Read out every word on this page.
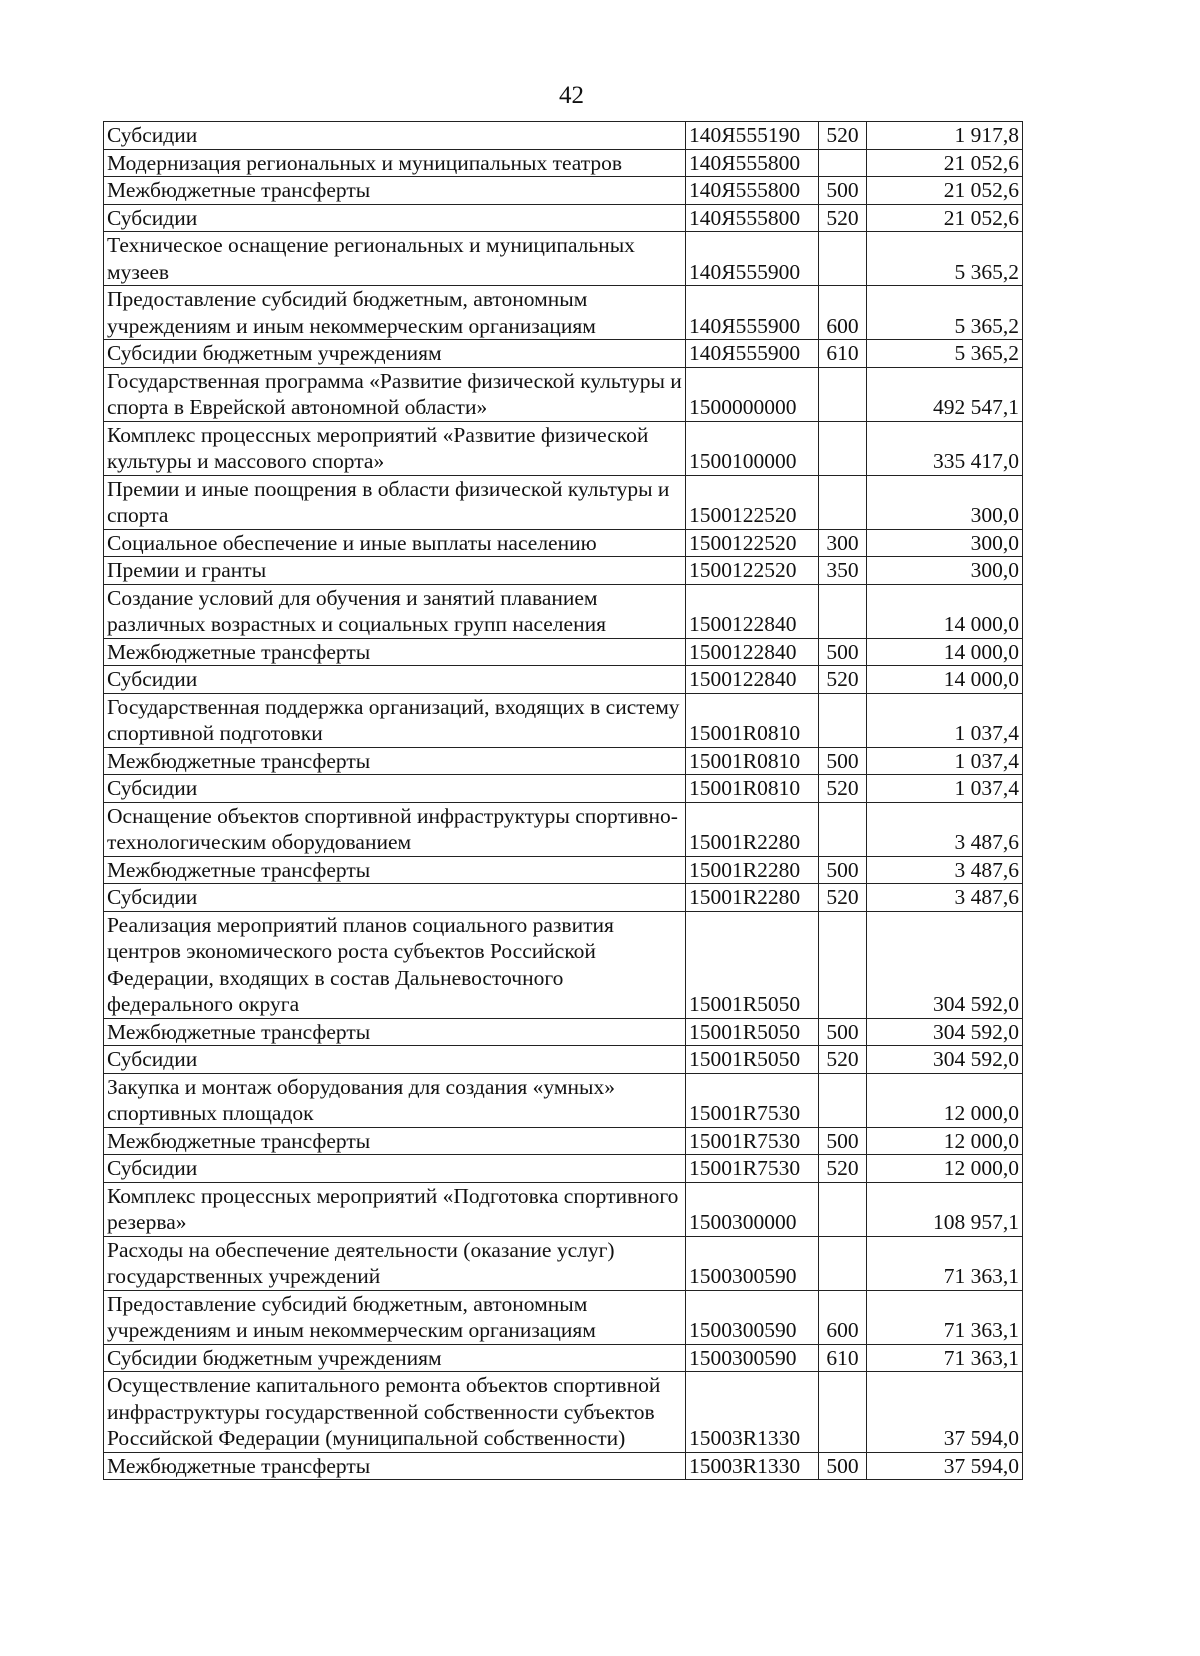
42
Субсидии	140Я555190	520	1 917,8
Модернизация региональных и муниципальных театров	140Я555800		21 052,6
Межбюджетные трансферты	140Я555800	500	21 052,6
Субсидии	140Я555800	520	21 052,6
Техническое оснащение региональных и муниципальных музеев	140Я555900		5 365,2
Предоставление субсидий бюджетным, автономным учреждениям и иным некоммерческим организациям	140Я555900	600	5 365,2
Субсидии бюджетным учреждениям	140Я555900	610	5 365,2
Государственная программа «Развитие физической культуры и спорта в Еврейской автономной области»	1500000000		492 547,1
Комплекс процессных мероприятий «Развитие физической культуры и массового спорта»	1500100000		335 417,0
Премии и иные поощрения в области физической культуры и спорта	1500122520		300,0
Социальное обеспечение и иные выплаты населению	1500122520	300	300,0
Премии и гранты	1500122520	350	300,0
Создание условий для обучения и занятий плаванием различных возрастных и социальных групп населения	1500122840		14 000,0
Межбюджетные трансферты	1500122840	500	14 000,0
Субсидии	1500122840	520	14 000,0
Государственная поддержка организаций, входящих в систему спортивной подготовки	15001R0810		1 037,4
Межбюджетные трансферты	15001R0810	500	1 037,4
Субсидии	15001R0810	520	1 037,4
Оснащение объектов спортивной инфраструктуры спортивно-технологическим оборудованием	15001R2280		3 487,6
Межбюджетные трансферты	15001R2280	500	3 487,6
Субсидии	15001R2280	520	3 487,6
Реализация мероприятий планов социального развития центров экономического роста субъектов Российской Федерации, входящих в состав Дальневосточного федерального округа	15001R5050		304 592,0
Межбюджетные трансферты	15001R5050	500	304 592,0
Субсидии	15001R5050	520	304 592,0
Закупка и монтаж оборудования для создания «умных» спортивных площадок	15001R7530		12 000,0
Межбюджетные трансферты	15001R7530	500	12 000,0
Субсидии	15001R7530	520	12 000,0
Комплекс процессных мероприятий «Подготовка спортивного резерва»	1500300000		108 957,1
Расходы на обеспечение деятельности (оказание услуг) государственных учреждений	1500300590		71 363,1
Предоставление субсидий бюджетным, автономным учреждениям и иным некоммерческим организациям	1500300590	600	71 363,1
Субсидии бюджетным учреждениям	1500300590	610	71 363,1
Осуществление капитального ремонта объектов спортивной инфраструктуры государственной собственности субъектов Российской Федерации (муниципальной собственности)	15003R1330		37 594,0
Межбюджетные трансферты	15003R1330	500	37 594,0
